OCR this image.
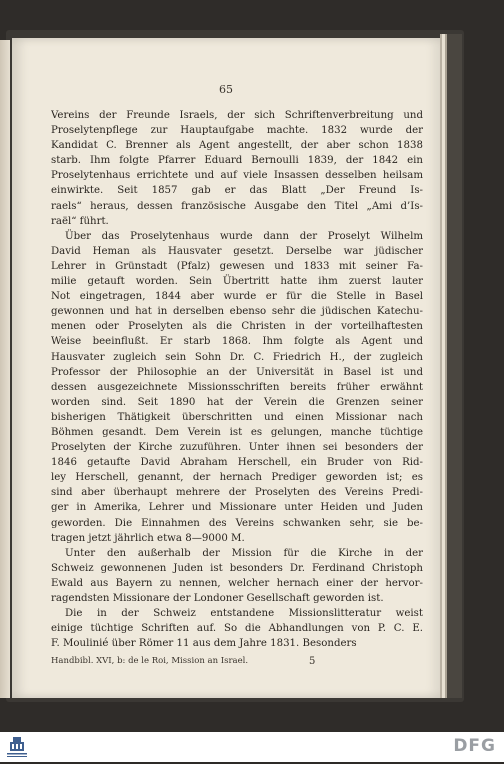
65
Vereins der Freunde Israels, der sich Schriftenverbreitung und
Proselytenpflege zur Hauptaufgabe machte. 1832 wurde der
Kandidat C. Brenner als Agent angestellt, der aber schon 1838
starb. Ihm folgte Pfarrer Eduard Bernoulli 1839, der 1842 ein
Proselytenhaus errichtete und auf viele Insassen desselben heilsam
einwirkte. Seit 1857 gab er das Blatt „Der Freund Is-
raels“ heraus, dessen französische Ausgabe den Titel „Ami d’Is-
raël“ führt.
Über das Proselytenhaus wurde dann der Proselyt Wilhelm
David Heman als Hausvater gesetzt. Derselbe war jüdischer
Lehrer in Grünstadt (Pfalz) gewesen und 1833 mit seiner Fa-
milie getauft worden. Sein Übertritt hatte ihm zuerst lauter
Not eingetragen, 1844 aber wurde er für die Stelle in Basel
gewonnen und hat in derselben ebenso sehr die jüdischen Katechu-
menen oder Proselyten als die Christen in der vorteilhaftesten
Weise beeinflußt. Er starb 1868. Ihm folgte als Agent und
Hausvater zugleich sein Sohn Dr. C. Friedrich H., der zugleich
Professor der Philosophie an der Universität in Basel ist und
dessen ausgezeichnete Missionsschriften bereits früher erwähnt
worden sind. Seit 1890 hat der Verein die Grenzen seiner
bisherigen Thätigkeit überschritten und einen Missionar nach
Böhmen gesandt. Dem Verein ist es gelungen, manche tüchtige
Proselyten der Kirche zuzuführen. Unter ihnen sei besonders der
1846 getaufte David Abraham Herschell, ein Bruder von Rid-
ley Herschell, genannt, der hernach Prediger geworden ist; es
sind aber überhaupt mehrere der Proselyten des Vereins Predi-
ger in Amerika, Lehrer und Missionare unter Heiden und Juden
geworden. Die Einnahmen des Vereins schwanken sehr, sie be-
tragen jetzt jährlich etwa 8—9000 M.
Unter den außerhalb der Mission für die Kirche in der
Schweiz gewonnenen Juden ist besonders Dr. Ferdinand Christoph
Ewald aus Bayern zu nennen, welcher hernach einer der hervor-
ragendsten Missionare der Londoner Gesellschaft geworden ist.
Die in der Schweiz entstandene Missionslitteratur weist
einige tüchtige Schriften auf. So die Abhandlungen von P. C. E.
F. Moulinié über Römer 11 aus dem Jahre 1831. Besonders
Handbibl. XVI, b: de le Roi, Mission an Israel.	5
DFG
